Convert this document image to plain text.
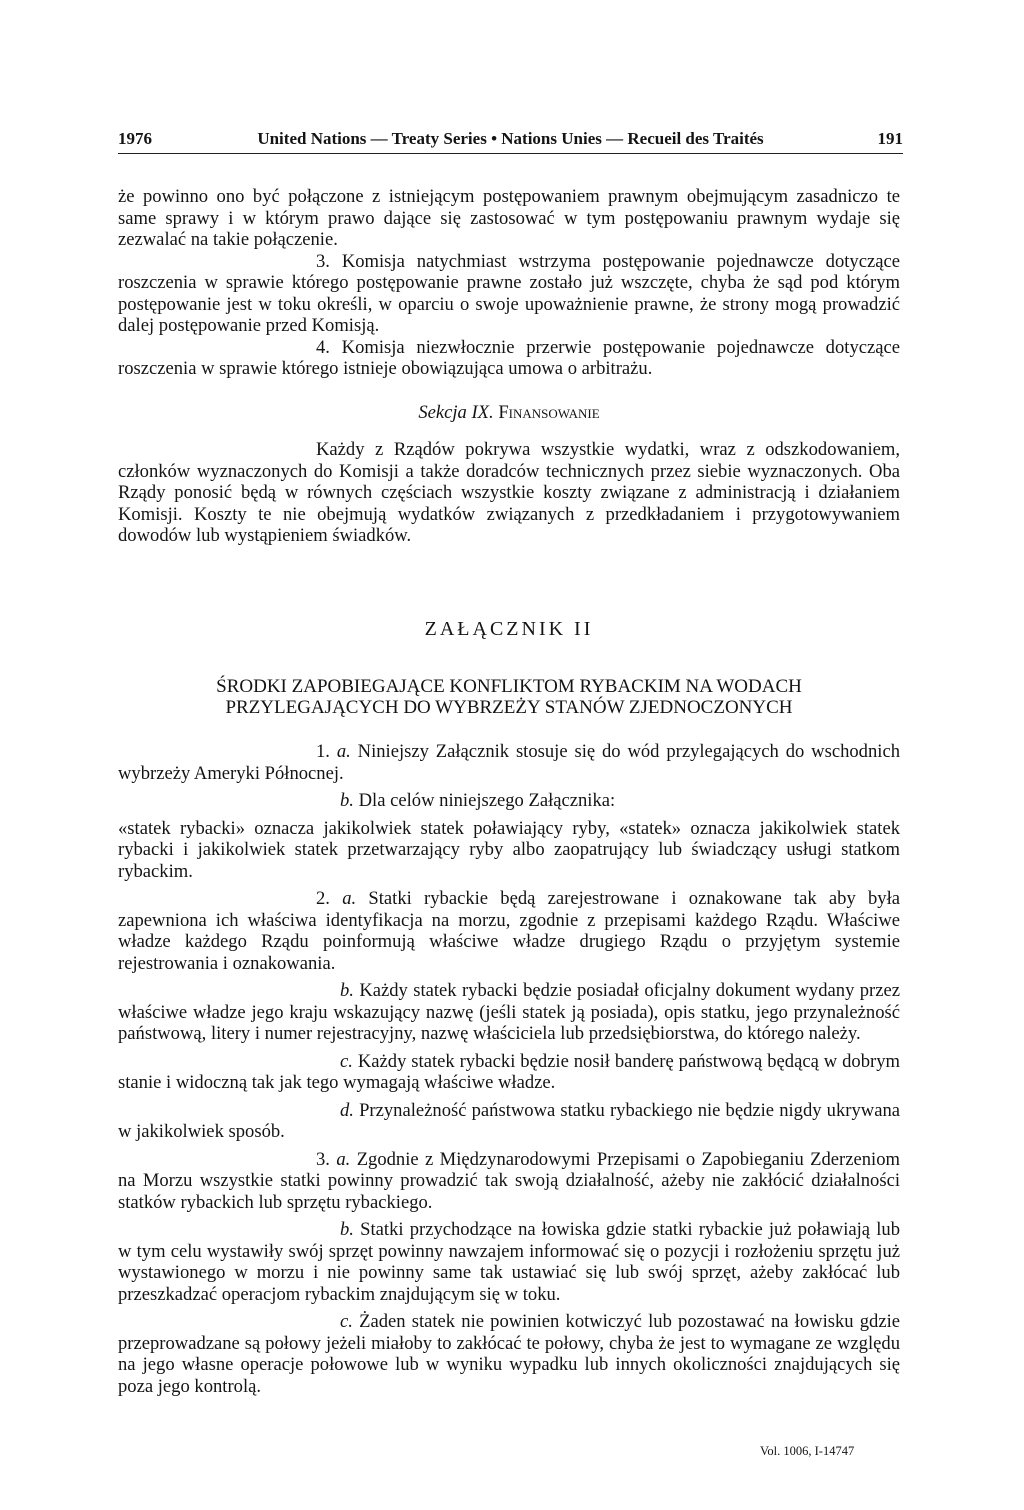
1976	United Nations — Treaty Series • Nations Unies — Recueil des Traités	191

że powinno ono być połączone z istniejącym postępowaniem prawnym obejmującym zasadniczo te same sprawy i w którym prawo dające się zastosować w tym postępowaniu prawnym wydaje się zezwalać na takie połączenie.

3. Komisja natychmiast wstrzyma postępowanie pojednawcze dotyczące roszczenia w sprawie którego postępowanie prawne zostało już wszczęte, chyba że sąd pod którym postępowanie jest w toku określi, w oparciu o swoje upoważnienie prawne, że strony mogą prowadzić dalej postępowanie przed Komisją.

4. Komisja niezwłocznie przerwie postępowanie pojednawcze dotyczące roszczenia w sprawie którego istnieje obowiązująca umowa o arbitrażu.

Sekcja IX. Finansowanie

Każdy z Rządów pokrywa wszystkie wydatki, wraz z odszkodowaniem, członków wyznaczonych do Komisji a także doradców technicznych przez siebie wyznaczonych. Oba Rządy ponosić będą w równych częściach wszystkie koszty związane z administracją i działaniem Komisji. Koszty te nie obejmują wydatków związanych z przedkładaniem i przygotowywaniem dowodów lub wystąpieniem świadków.

ZAŁĄCZNIK II

ŚRODKI ZAPOBIEGAJĄCE KONFLIKTOM RYBACKIM NA WODACH
PRZYLEGAJĄCYCH DO WYBRZEŻY STANÓW ZJEDNOCZONYCH

1. a. Niniejszy Załącznik stosuje się do wód przylegających do wschodnich wybrzeży Ameryki Północnej.

b. Dla celów niniejszego Załącznika:

«statek rybacki» oznacza jakikolwiek statek poławiający ryby, «statek» oznacza jakikolwiek statek rybacki i jakikolwiek statek przetwarzający ryby albo zaopatrujący lub świadczący usługi statkom rybackim.

2. a. Statki rybackie będą zarejestrowane i oznakowane tak aby była zapewniona ich właściwa identyfikacja na morzu, zgodnie z przepisami każdego Rządu. Właściwe władze każdego Rządu poinformują właściwe władze drugiego Rządu o przyjętym systemie rejestrowania i oznakowania.

b. Każdy statek rybacki będzie posiadał oficjalny dokument wydany przez właściwe władze jego kraju wskazujący nazwę (jeśli statek ją posiada), opis statku, jego przynależność państwową, litery i numer rejestracyjny, nazwę właściciela lub przedsiębiorstwa, do którego należy.

c. Każdy statek rybacki będzie nosił banderę państwową będącą w dobrym stanie i widoczną tak jak tego wymagają właściwe władze.

d. Przynależność państwowa statku rybackiego nie będzie nigdy ukrywana w jakikolwiek sposób.

3. a. Zgodnie z Międzynarodowymi Przepisami o Zapobieganiu Zderzeniom na Morzu wszystkie statki powinny prowadzić tak swoją działalność, ażeby nie zakłócić działalności statków rybackich lub sprzętu rybackiego.

b. Statki przychodzące na łowiska gdzie statki rybackie już poławiają lub w tym celu wystawiły swój sprzęt powinny nawzajem informować się o pozycji i rozłożeniu sprzętu już wystawionego w morzu i nie powinny same tak ustawiać się lub swój sprzęt, ażeby zakłócać lub przeszkadzać operacjom rybackim znajdującym się w toku.

c. Żaden statek nie powinien kotwiczyć lub pozostawać na łowisku gdzie przeprowadzane są połowy jeżeli miałoby to zakłócać te połowy, chyba że jest to wymagane ze względu na jego własne operacje połowowe lub w wyniku wypadku lub innych okoliczności znajdujących się poza jego kontrolą.

Vol. 1006, I-14747
